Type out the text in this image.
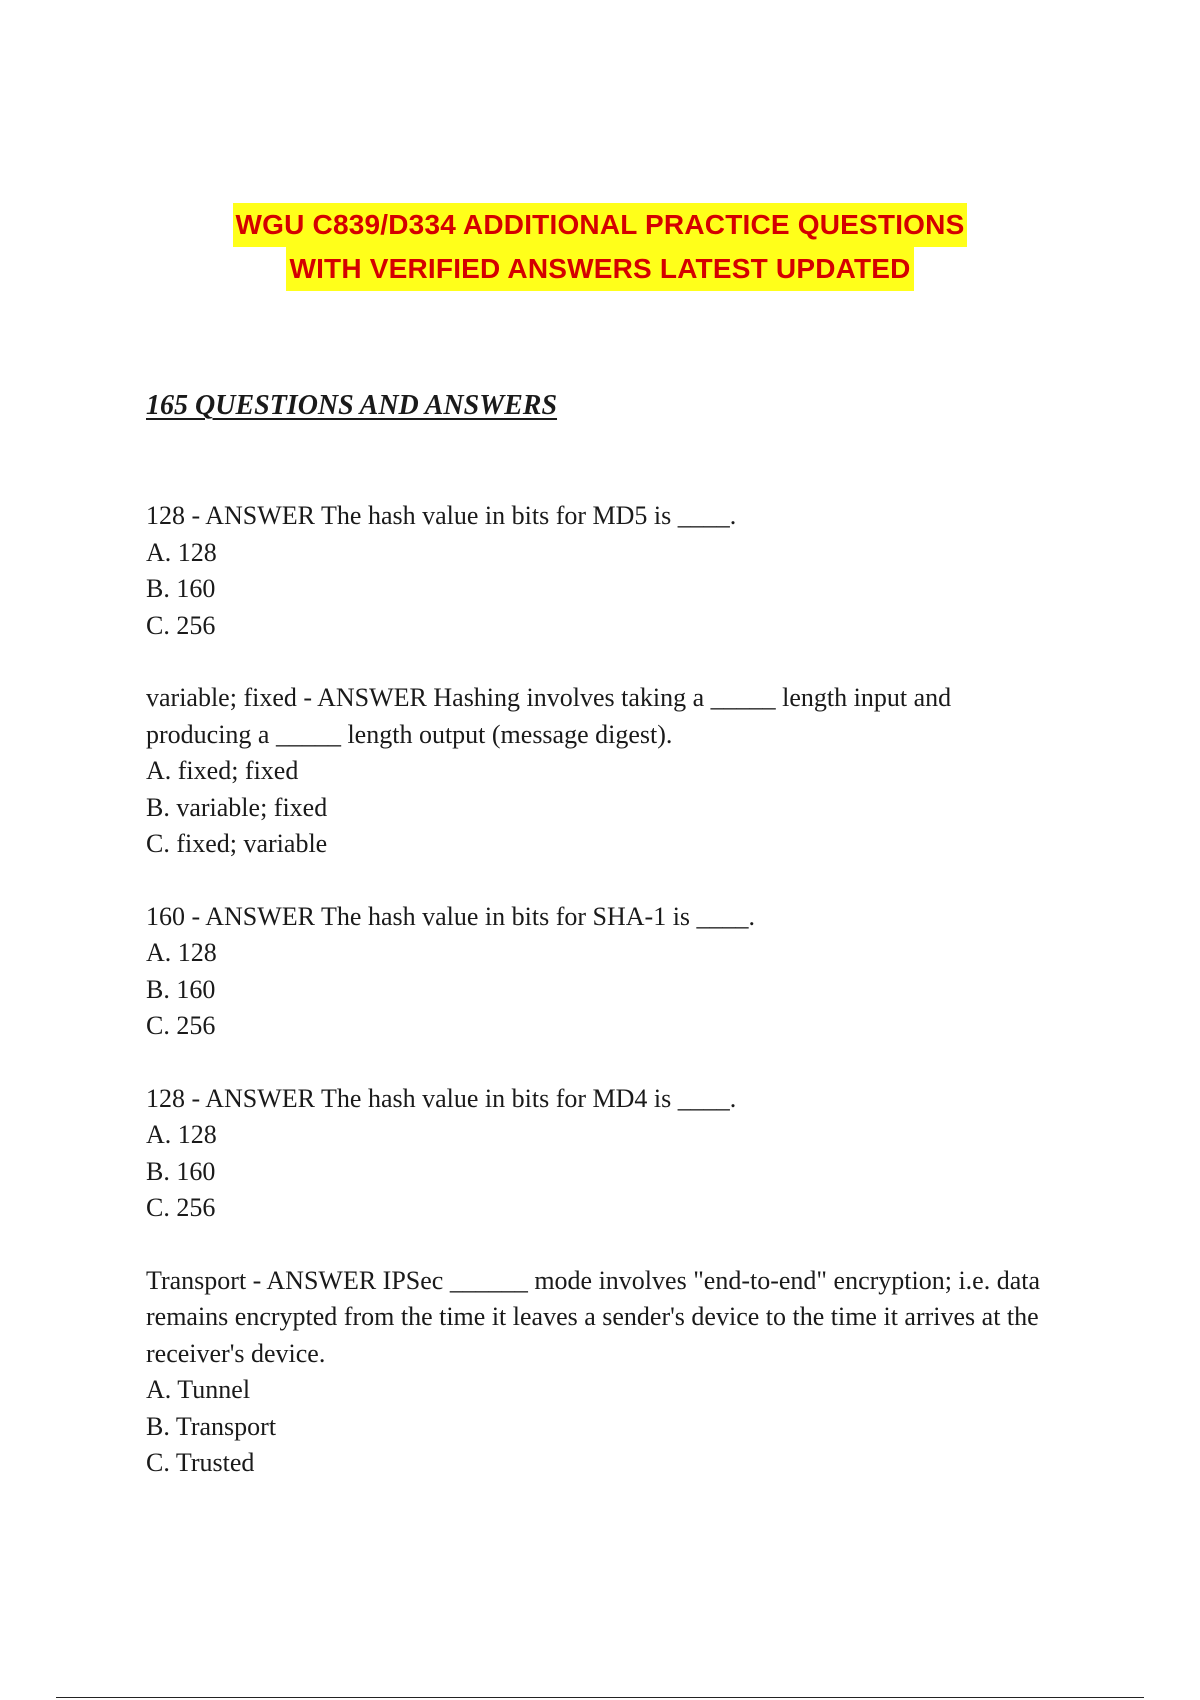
WGU C839/D334 ADDITIONAL PRACTICE QUESTIONS
WITH VERIFIED ANSWERS LATEST UPDATED

165 QUESTIONS AND ANSWERS

128 - ANSWER The hash value in bits for MD5 is ____.

A. 128
B. 160
C. 256

variable; fixed - ANSWER Hashing involves taking a _____ length input and producing a _____ length output (message digest).

A. fixed; fixed
B. variable; fixed
C. fixed; variable

160 - ANSWER The hash value in bits for SHA-1 is ____.

A. 128
B. 160
C. 256

128 - ANSWER The hash value in bits for MD4 is ____.

A. 128
B. 160
C. 256

Transport - ANSWER IPSec ______ mode involves "end-to-end" encryption; i.e. data remains encrypted from the time it leaves a sender's device to the time it arrives at the receiver's device.

A. Tunnel
B. Transport
C. Trusted
